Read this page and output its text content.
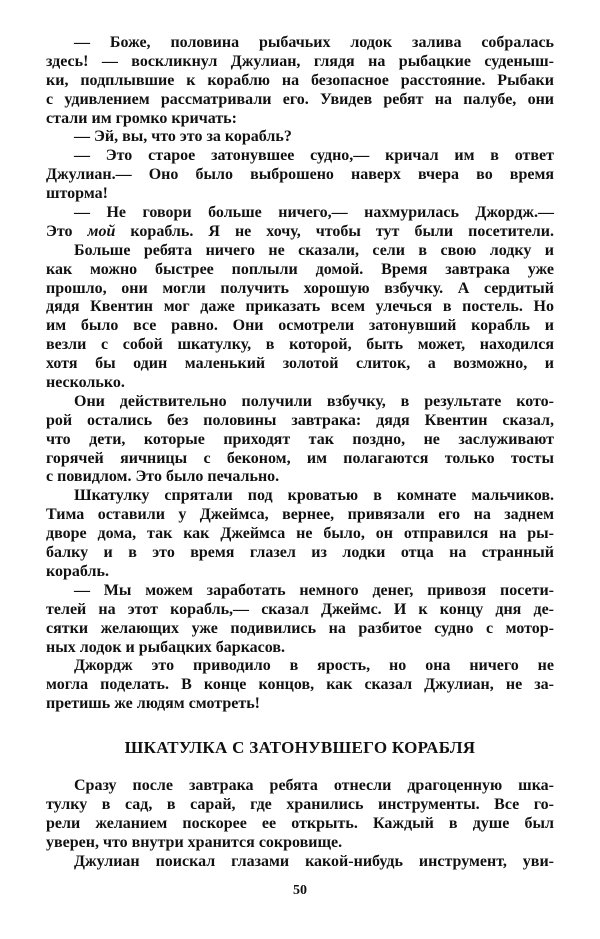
— Боже, половина рыбачьих лодок залива собралась
здесь! — воскликнул Джулиан, глядя на рыбацкие суденыш-
ки, подплывшие к кораблю на безопасное расстояние. Рыбаки
с удивлением рассматривали его. Увидев ребят на палубе, они
стали им громко кричать:
— Эй, вы, что это за корабль?
— Это старое затонувшее судно,— кричал им в ответ
Джулиан.— Оно было выброшено наверх вчера во время
шторма!
— Не говори больше ничего,— нахмурилась Джордж.—
Это мой корабль. Я не хочу, чтобы тут были посетители.
Больше ребята ничего не сказали, сели в свою лодку и
как можно быстрее поплыли домой. Время завтрака уже
прошло, они могли получить хорошую взбучку. А сердитый
дядя Квентин мог даже приказать всем улечься в постель. Но
им было все равно. Они осмотрели затонувший корабль и
везли с собой шкатулку, в которой, быть может, находился
хотя бы один маленький золотой слиток, а возможно, и
несколько.
Они действительно получили взбучку, в результате кото-
рой остались без половины завтрака: дядя Квентин сказал,
что дети, которые приходят так поздно, не заслуживают
горячей яичницы с беконом, им полагаются только тосты
с повидлом. Это было печально.
Шкатулку спрятали под кроватью в комнате мальчиков.
Тима оставили у Джеймса, вернее, привязали его на заднем
дворе дома, так как Джеймса не было, он отправился на ры-
балку и в это время глазел из лодки отца на странный
корабль.
— Мы можем заработать немного денег, привозя посети-
телей на этот корабль,— сказал Джеймс. И к концу дня де-
сятки желающих уже подивились на разбитое судно с мотор-
ных лодок и рыбацких баркасов.
Джордж это приводило в ярость, но она ничего не
могла поделать. В конце концов, как сказал Джулиан, не за-
претишь же людям смотреть!
ШКАТУЛКА С ЗАТОНУВШЕГО КОРАБЛЯ
Сразу после завтрака ребята отнесли драгоценную шка-
тулку в сад, в сарай, где хранились инструменты. Все го-
рели желанием поскорее ее открыть. Каждый в душе был
уверен, что внутри хранится сокровище.
Джулиан поискал глазами какой-нибудь инструмент, уви-
50
